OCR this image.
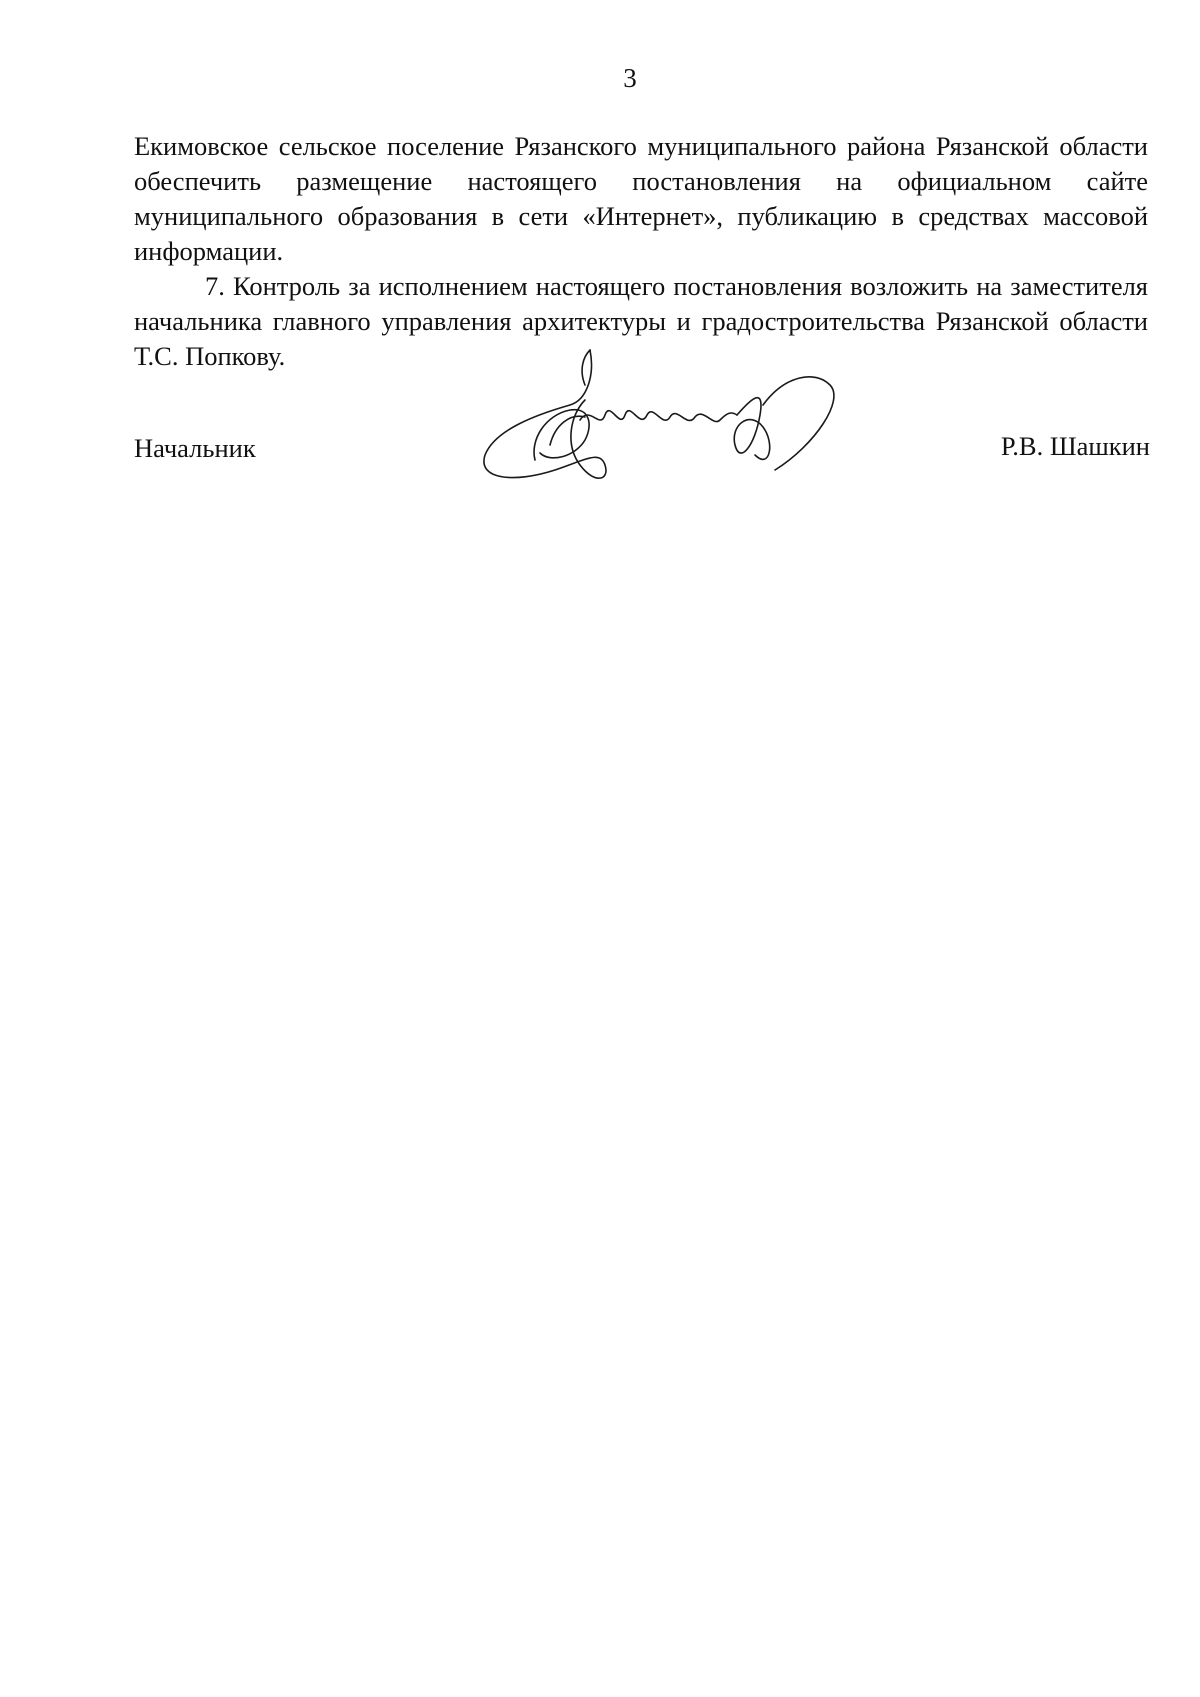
3

Екимовское сельское поселение Рязанского муниципального района Рязанской области обеспечить размещение настоящего постановления на официальном сайте муниципального образования в сети «Интернет», публикацию в средствах массовой информации.

7. Контроль за исполнением настоящего постановления возложить на заместителя начальника главного управления архитектуры и градостроительства Рязанской области Т.С. Попкову.

Начальник	Р.В. Шашкин
